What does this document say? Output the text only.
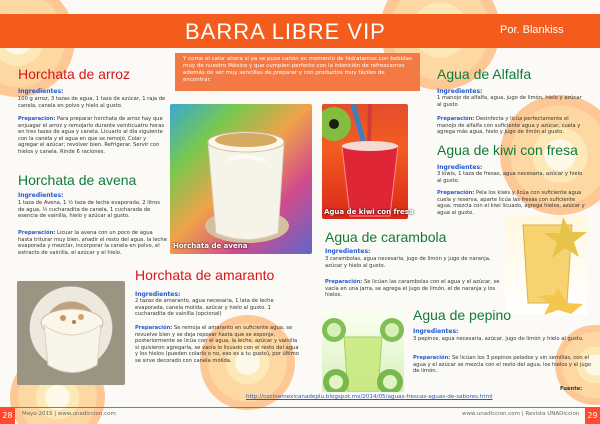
BARRA LIBRE VIP	Por. Blankiss
Y como el calor ahora sí ya se puso cañón es momento de hidratarnos con bebidas muy de nuestro México y que cumplen perfecto con la intención de refrescarnos además de ser muy sencillas de preparar y con productos muy fáciles de encontrar.
Horchata de arroz
Ingredientes:
100 g arroz, 3 tazas de agua, 1 taza de azúcar, 1 raja de canela, canela en polvo y hielo al gusto.
Preparación: Para preparar horchata de arroz hay que enjuagar el arroz y remojarlo durante veinticuatro horas en tres tazas de agua y canela. Licuarlo al día siguiente con la canela y el agua en que se remojó. Colar y agregar el azúcar; revolver bien. Refrigerar. Servir con hielos y canela. Rinde 6 raciones.
Horchata de avena
Ingredientes:
1 taza de Avena, 1 ½ taza de leche evaporada, 2 litros de agua, ½ cucharadita de canela, 1 cucharada de esencia de vainilla, hielo y azúcar al gusto.
Preparación: Licuar la avena con un poco de agua hasta triturar muy bien, añadir el resto del agua, la leche evaporada y mezclar, incorporar la canela en polvo, el extracto de vainilla, el azúcar y el hielo.
Horchata de avena
Horchata de amaranto
Ingredientes:
2 tazas de amaranto, agua necesaria, 1 lata de leche evaporada, canela molida, azúcar y hielo al gusto. 1 cucharadita de vainilla (opcional)
Preparación: Se remoja el amaranto en suficiente agua, se revuelve bien y se deja reposar hasta que se esponje, posteriormente se licúa con el agua, la leche, azúcar y vainilla si quisieron agregarla, se vacía lo licuado con el resto del agua y los hielos (pueden colarlo o no, eso es a tu gusto), por último se sirve decorado con canela molida.
Agua de kiwi con fresa
Agua de Alfalfa
Ingredientes:
1 manojo de alfalfa, agua, jugo de limón, hielo y azúcar al gusto
Preparación: Desinfecta y licúa perfectamente el manojo de alfalfa con suficiente agua y azúcar, cuela y agrega más agua, hielo y jugo de limón al gusto.
Agua de kiwi con fresa
Ingredientes:
3 kiwis, 1 taza de fresas, agua necesaria, azúcar y hielo al gusto.
Preparación: Pela los kiwis y licúa con suficiente agua cuela y reserva, aparte licúa las fresas con suficiente agua, mezcla con el kiwi licuado, agrega hielos, azúcar y agua al gusto.
Agua de carambola
Ingredientes:
3 carambolas, agua necesaria, jugo de limón y jugo de naranja, azúcar y hielo al gusto.
Preparación: Se licúan las carambolas con el agua y el azúcar, se vacía en una jarra, se agrega el jugo de limón, el de naranja y los hielos.
Agua de pepino
Ingredientes:
3 pepinos, agua necesaria, azúcar, jugo de limón y hielo al gusto.
Preparación: Se licúan los 3 pepinos pelados y sin semillas, con el agua y el azúcar se mezcla con el resto del agua, los hielos y el jugo de limón.
Fuente:
http://cocinamexicanadeplu.blogspot.mx/2014/05/aguas-frescas-aguas-de-sabores.html
28	29
Mayo 2015 | www.unadiccion.com	www.unadiccion.com | Revista UNADiccion
